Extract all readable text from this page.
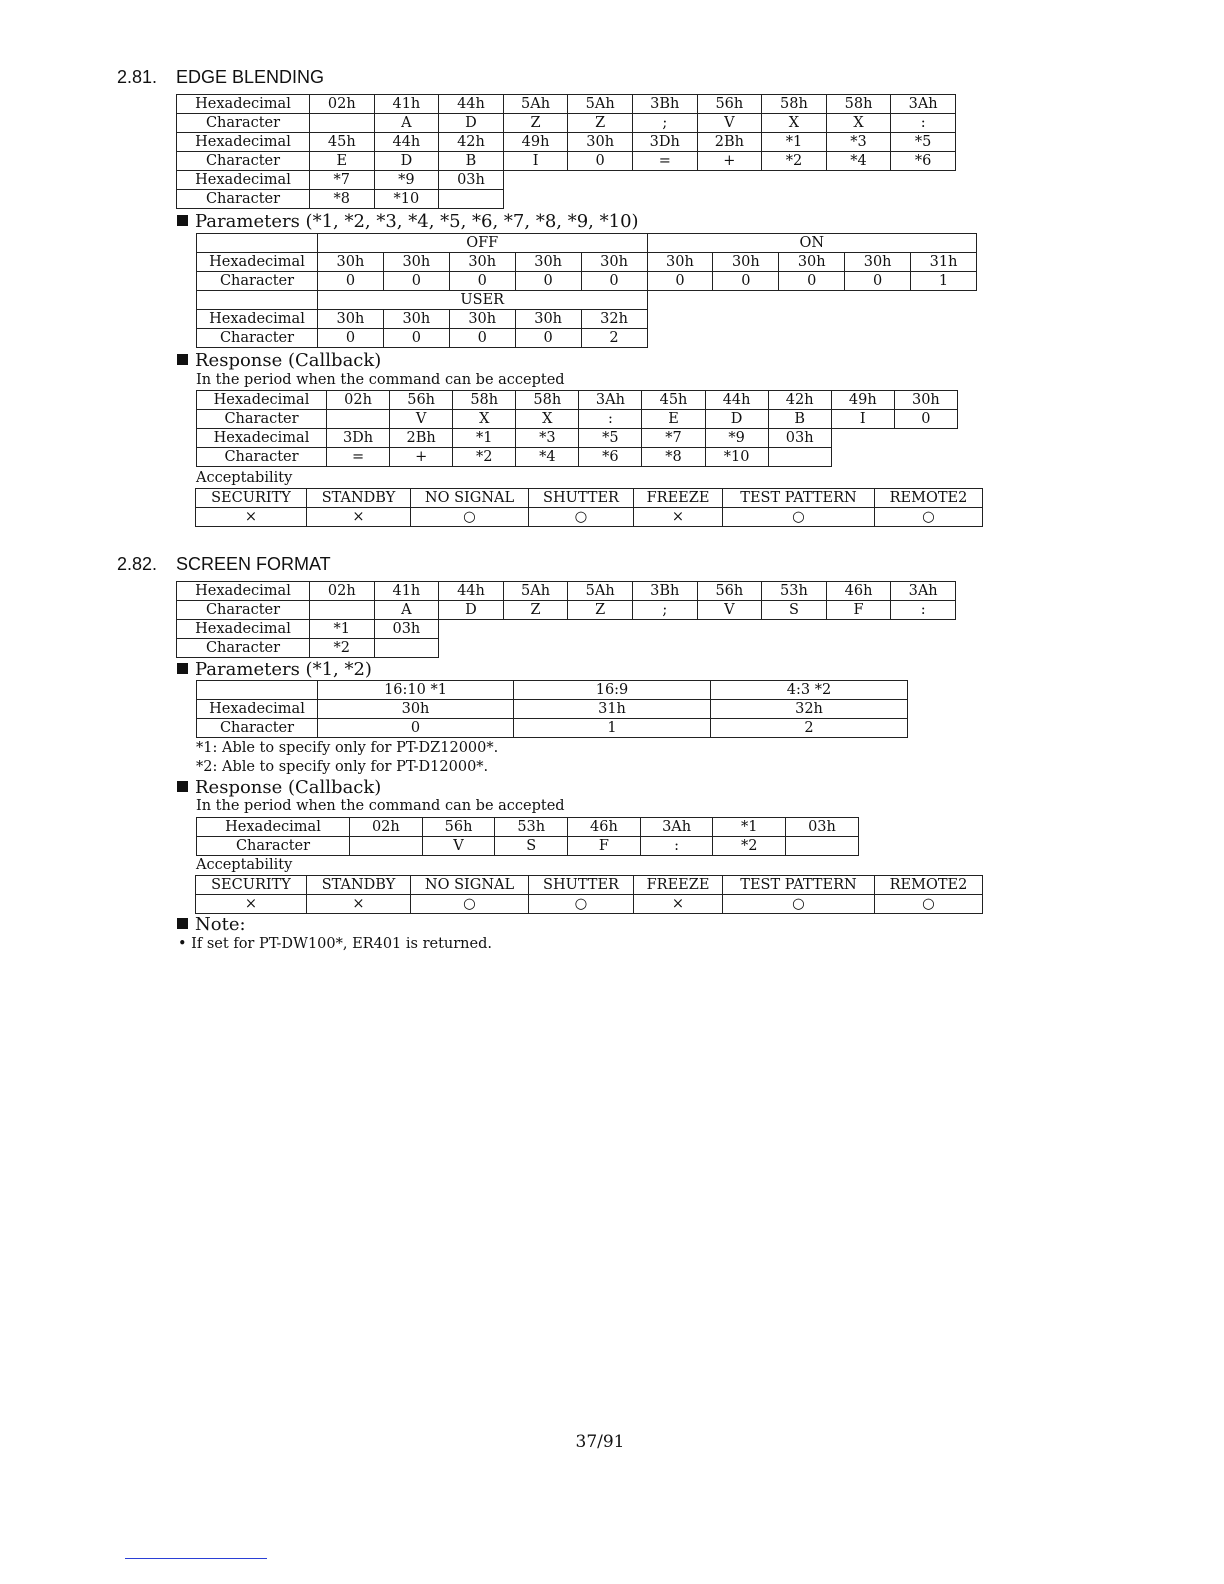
2.81. EDGE BLENDING
Hexadecimal	02h	41h	44h	5Ah	5Ah	3Bh	56h	58h	58h	3Ah
Character		A	D	Z	Z	;	V	X	X	:
Hexadecimal	45h	44h	42h	49h	30h	3Dh	2Bh	*1	*3	*5
Character	E	D	B	I	0	=	+	*2	*4	*6
Hexadecimal	*7	*9	03h							
Character	*8	*10								
Parameters (*1, *2, *3, *4, *5, *6, *7, *8, *9, *10)
	OFF					ON				
Hexadecimal	30h	30h	30h	30h	30h	30h	30h	30h	30h	31h
Character	0	0	0	0	0	0	0	0	0	1
	USER									
Hexadecimal	30h	30h	30h	30h	32h					
Character	0	0	0	0	2					
Response (Callback)
In the period when the command can be accepted
Hexadecimal	02h	56h	58h	58h	3Ah	45h	44h	42h	49h	30h
Character		V	X	X	:	E	D	B	I	0
Hexadecimal	3Dh	2Bh	*1	*3	*5	*7	*9	03h		
Character	=	+	*2	*4	*6	*8	*10			
Acceptability
SECURITY	STANDBY	NO SIGNAL	SHUTTER	FREEZE	TEST PATTERN	REMOTE2
×	×	○	○	×	○	○
2.82. SCREEN FORMAT
Hexadecimal	02h	41h	44h	5Ah	5Ah	3Bh	56h	53h	46h	3Ah
Character		A	D	Z	Z	;	V	S	F	:
Hexadecimal	*1	03h								
Character	*2									
Parameters (*1, *2)
	16:10 *1	16:9	4:3 *2
Hexadecimal	30h	31h	32h
Character	0	1	2
*1: Able to specify only for PT-DZ12000*.
*2: Able to specify only for PT-D12000*.
Response (Callback)
In the period when the command can be accepted
Hexadecimal	02h	56h	53h	46h	3Ah	*1	03h
Character		V	S	F	:	*2	
Acceptability
SECURITY	STANDBY	NO SIGNAL	SHUTTER	FREEZE	TEST PATTERN	REMOTE2
×	×	○	○	×	○	○
Note:
• If set for PT-DW100*, ER401 is returned.
37/91
